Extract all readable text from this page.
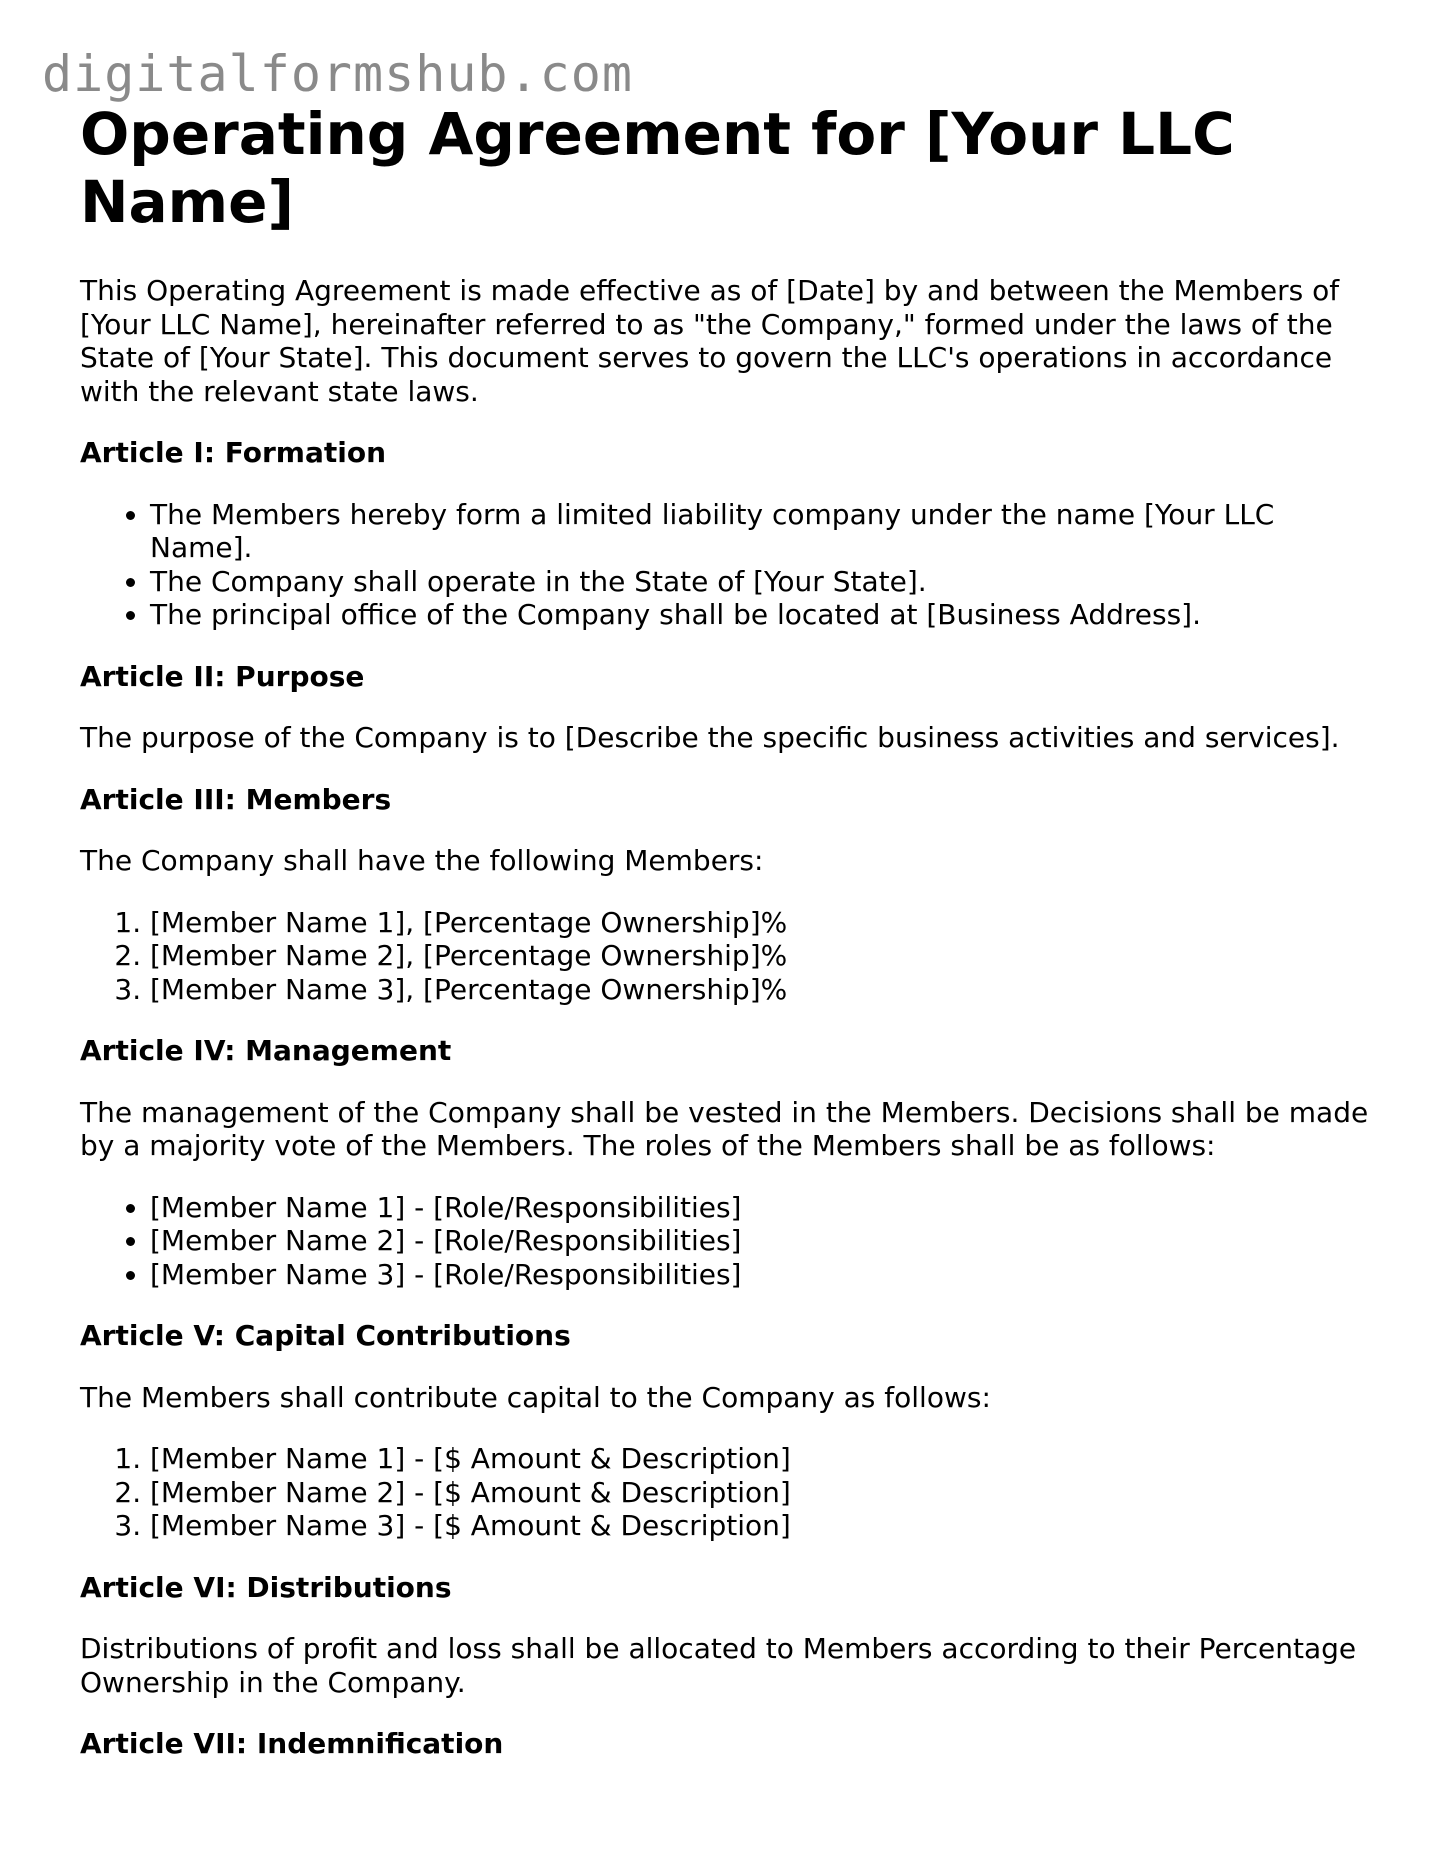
digitalformshub.com
Operating Agreement for [Your LLC Name]

This Operating Agreement is made effective as of [Date] by and between the Members of [Your LLC Name], hereinafter referred to as "the Company," formed under the laws of the State of [Your State]. This document serves to govern the LLC's operations in accordance with the relevant state laws.

Article I: Formation
• The Members hereby form a limited liability company under the name [Your LLC Name].
• The Company shall operate in the State of [Your State].
• The principal office of the Company shall be located at [Business Address].
Article II: Purpose

The purpose of the Company is to [Describe the specific business activities and services].

Article III: Members

The Company shall have the following Members:

1. [Member Name 1], [Percentage Ownership]%
2. [Member Name 2], [Percentage Ownership]%
3. [Member Name 3], [Percentage Ownership]%
Article IV: Management

The management of the Company shall be vested in the Members. Decisions shall be made by a majority vote of the Members. The roles of the Members shall be as follows:

• [Member Name 1] - [Role/Responsibilities]
• [Member Name 2] - [Role/Responsibilities]
• [Member Name 3] - [Role/Responsibilities]
Article V: Capital Contributions

The Members shall contribute capital to the Company as follows:

1. [Member Name 1] - [$ Amount & Description]
2. [Member Name 2] - [$ Amount & Description]
3. [Member Name 3] - [$ Amount & Description]
Article VI: Distributions

Distributions of profit and loss shall be allocated to Members according to their Percentage Ownership in the Company.

Article VII: Indemnification
